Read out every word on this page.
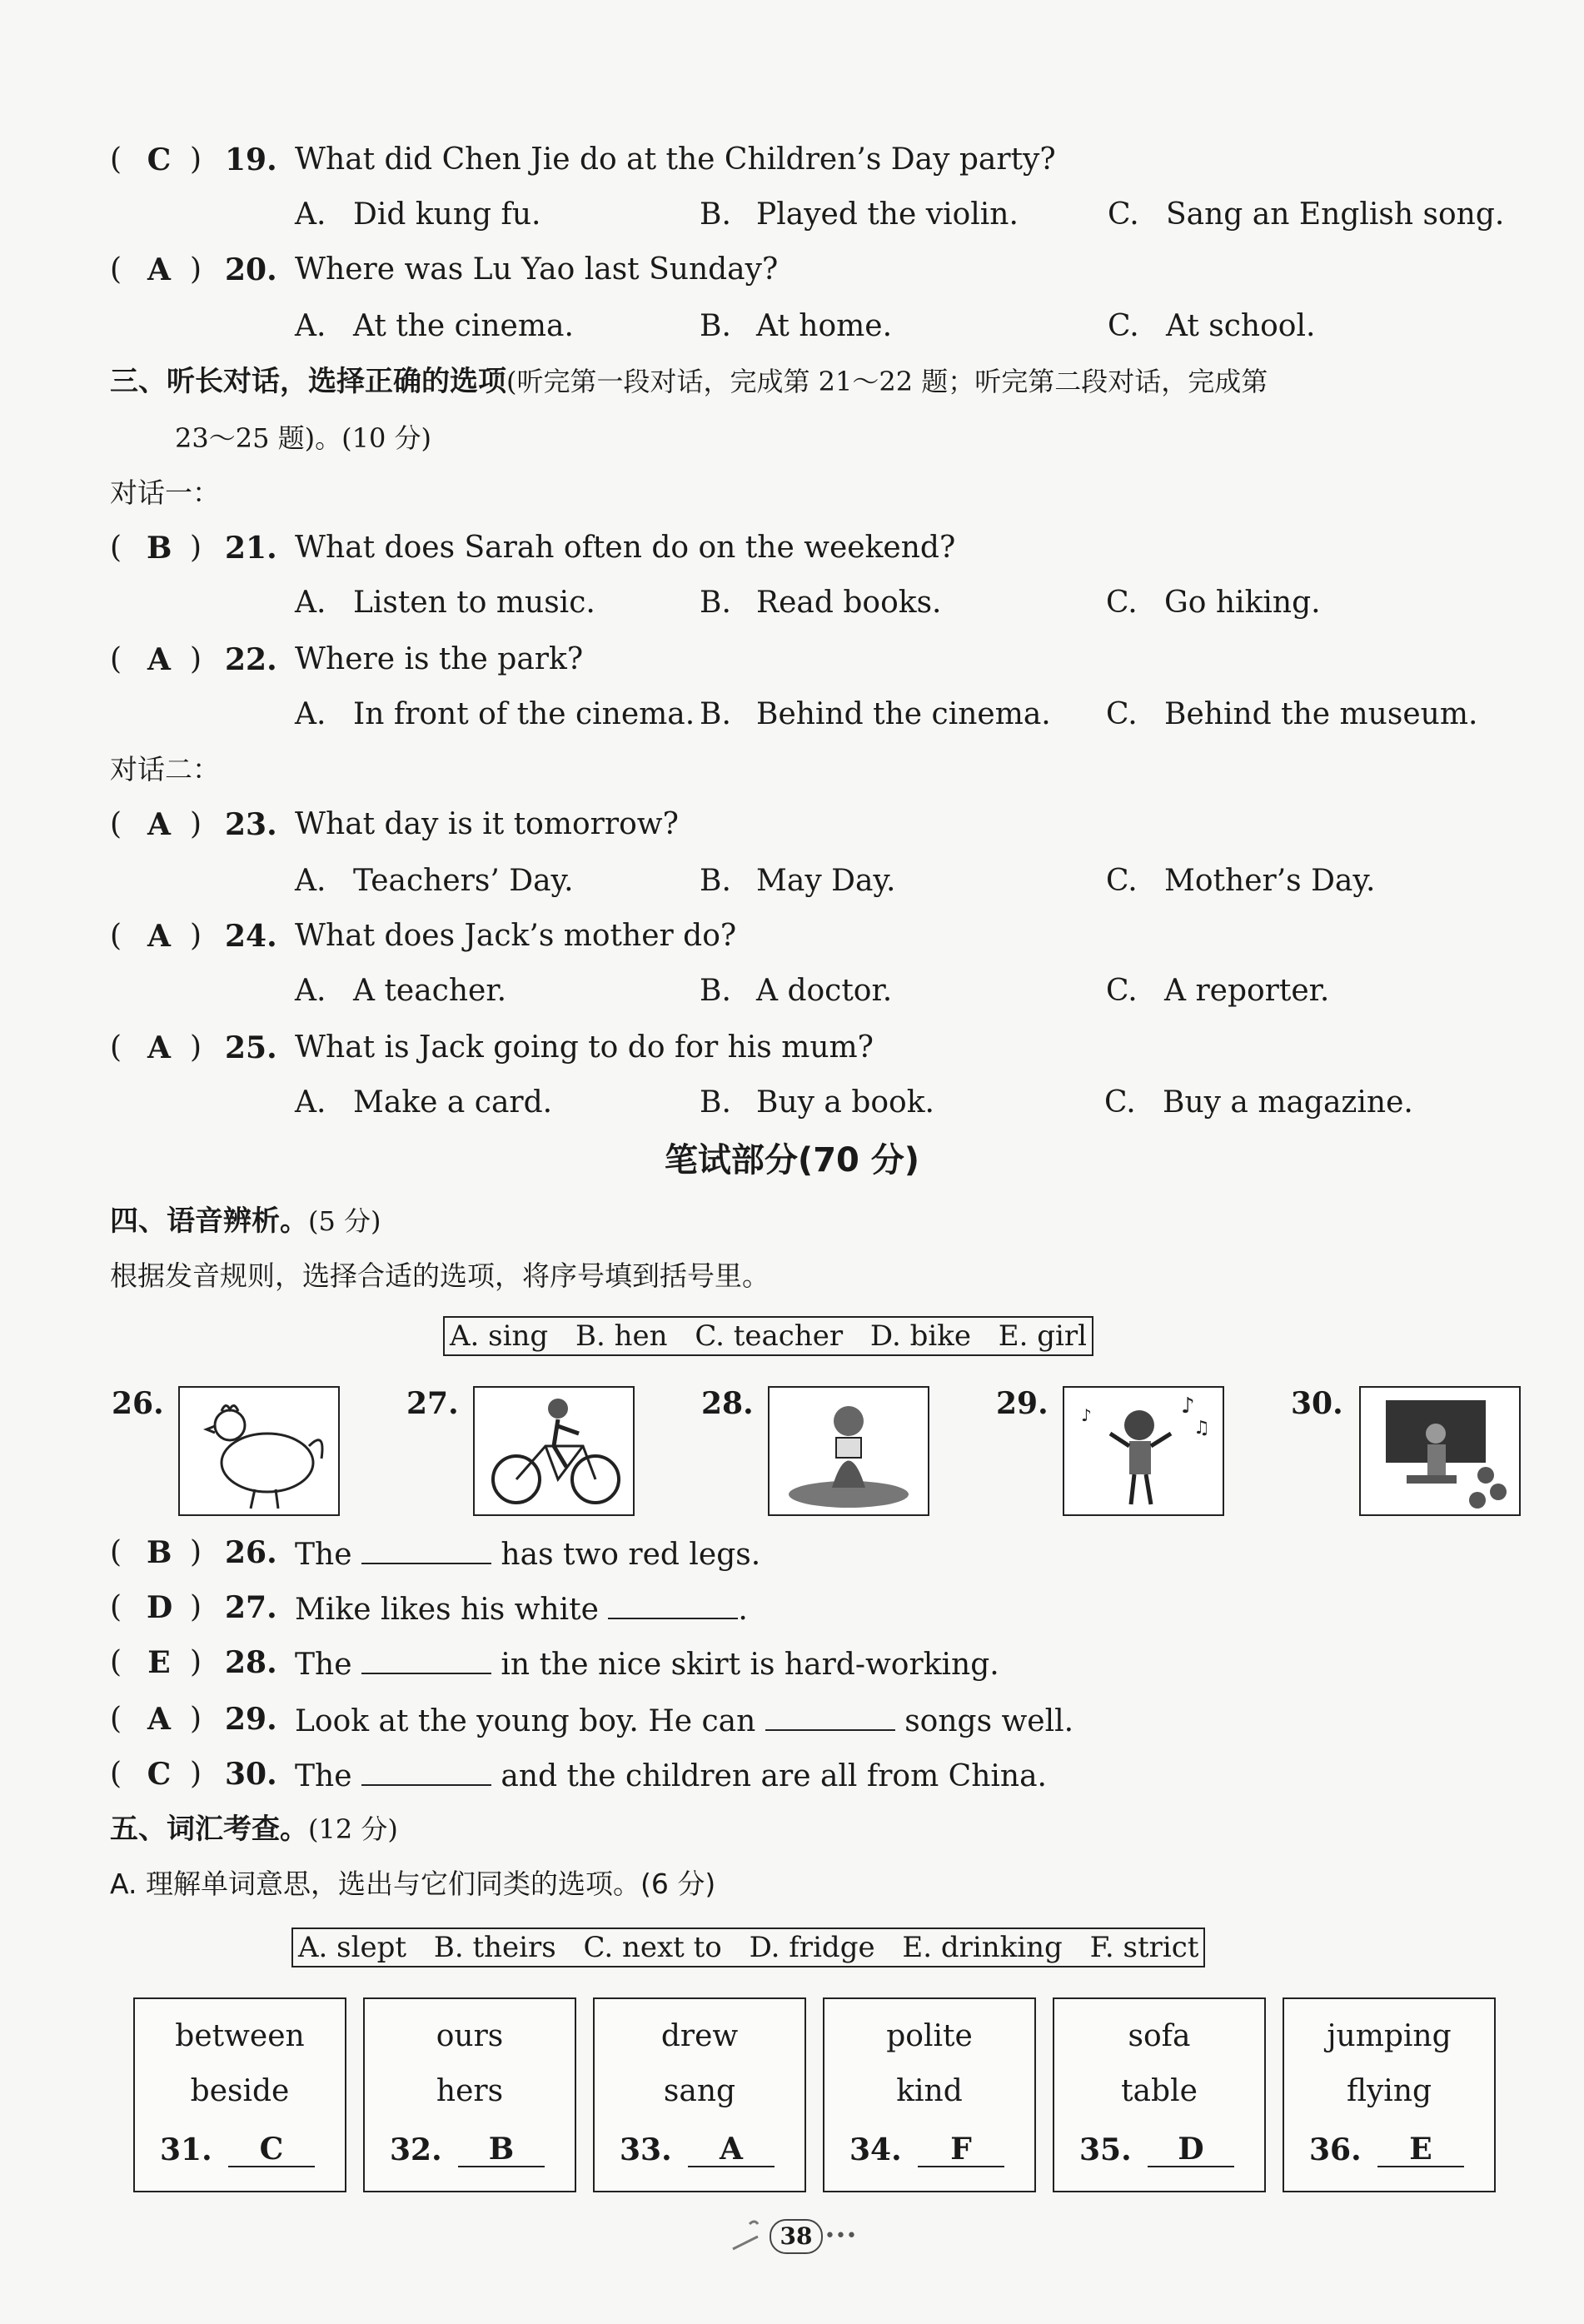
( C ) 19. What did Chen Jie do at the Children’s Day party?
A. Did kung fu.	B. Played the violin.	C. Sang an English song.
( A ) 20. Where was Lu Yao last Sunday?
A. At the cinema.	B. At home.	C. At school.
三、听长对话，选择正确的选项(听完第一段对话，完成第 21～22 题；听完第二段对话，完成第
23～25 题)。(10 分)
对话一：
( B ) 21. What does Sarah often do on the weekend?
A. Listen to music.	B. Read books.	C. Go hiking.
( A ) 22. Where is the park?
A. In front of the cinema. B. Behind the cinema. C. Behind the museum.
对话二：
( A ) 23. What day is it tomorrow?
A. Teachers’ Day.	B. May Day.	C. Mother’s Day.
( A ) 24. What does Jack’s mother do?
A. A teacher.	B. A doctor.	C. A reporter.
( A ) 25. What is Jack going to do for his mum?
A. Make a card.	B. Buy a book.	C. Buy a magazine.
笔试部分(70 分)
四、语音辨析。(5 分)
根据发音规则，选择合适的选项，将序号填到括号里。
A. sing B. hen C. teacher D. bike E. girl
26.	27.	28.	29.	♪
♫
♪	30.
( B ) 26. The	has two red legs.
( D ) 27. Mike likes his white	.
( E ) 28. The	in the nice skirt is hard-working.
( A ) 29. Look at the young boy. He can	songs well.
( C ) 30. The	and the children are all from China.
五、词汇考查。(12 分)
A. 理解单词意思，选出与它们同类的选项。(6 分)
A. slept B. theirs C. next to D. fridge E. drinking F. strict
between
beside
31.	C
ours
hers
32.	B
drew
sang
33.	A
polite
kind
34.	F
sofa
table
35.	D
jumping
flying
36.	E
38 •••
